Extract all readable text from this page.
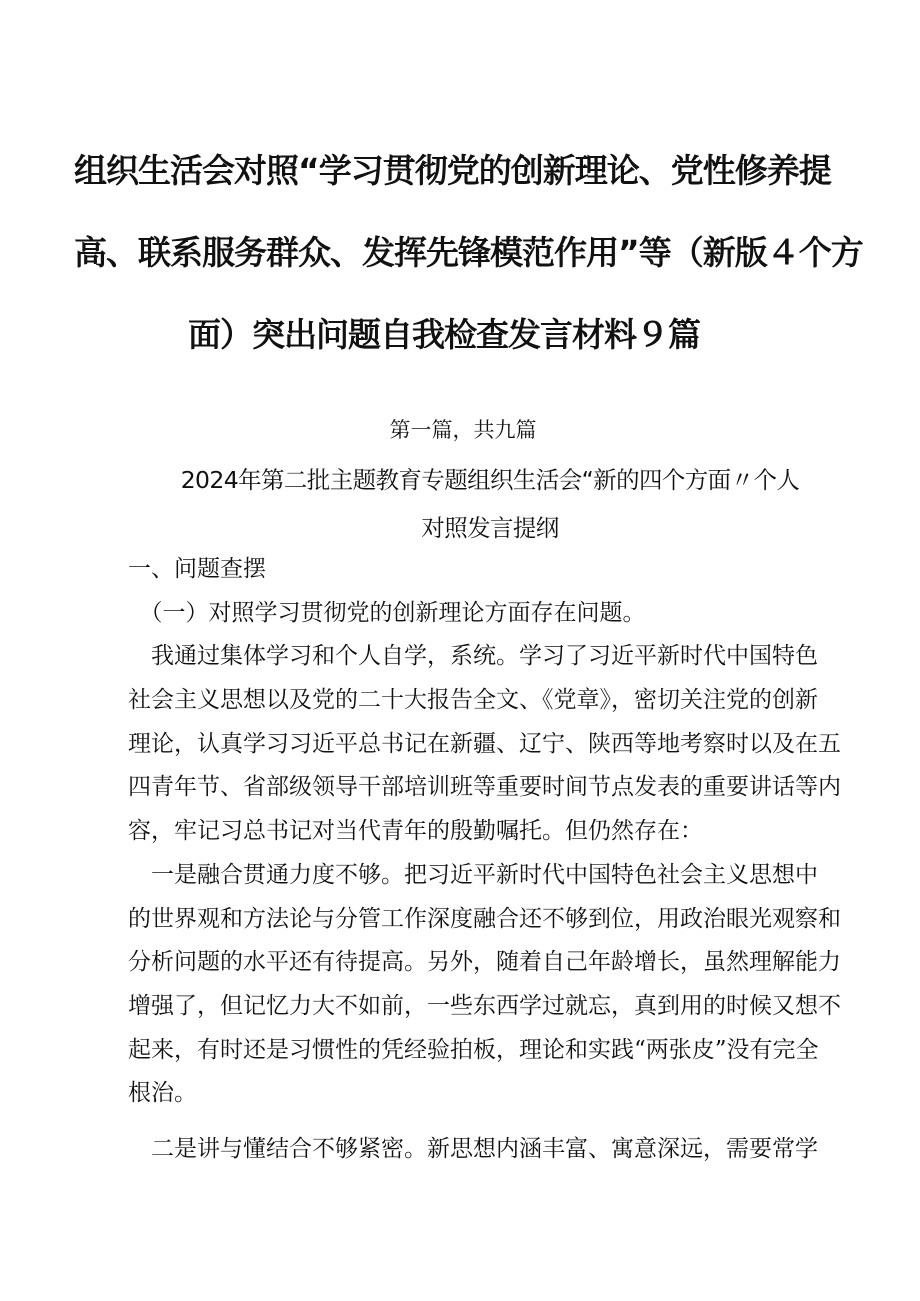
组织生活会对照“学习贯彻党的创新理论、党性修养提
高、联系服务群众、发挥先锋模范作用”等（新版４个方
面）突出问题自我检查发言材料９篇
第一篇，共九篇
2024年第二批主题教育专题组织生活会“新的四个方面〃个人
对照发言提纲
一、问题查摆
　（一）对照学习贯彻党的创新理论方面存在问题。
　我通过集体学习和个人自学，系统。学习了习近平新时代中国特色
社会主义思想以及党的二十大报告全文、《党章》，密切关注党的创新
理论，认真学习习近平总书记在新疆、辽宁、陕西等地考察时以及在五
四青年节、省部级领导干部培训班等重要时间节点发表的重要讲话等内
容，牢记习总书记对当代青年的殷勤嘱托。但仍然存在：
　一是融合贯通力度不够。把习近平新时代中国特色社会主义思想中
的世界观和方法论与分管工作深度融合还不够到位，用政治眼光观察和
分析问题的水平还有待提高。另外，随着自己年龄增长，虽然理解能力
增强了，但记忆力大不如前，一些东西学过就忘，真到用的时候又想不
起来，有时还是习惯性的凭经验拍板，理论和实践“两张皮”没有完全
根治。
　二是讲与懂结合不够紧密。新思想内涵丰富、寓意深远，需要常学
